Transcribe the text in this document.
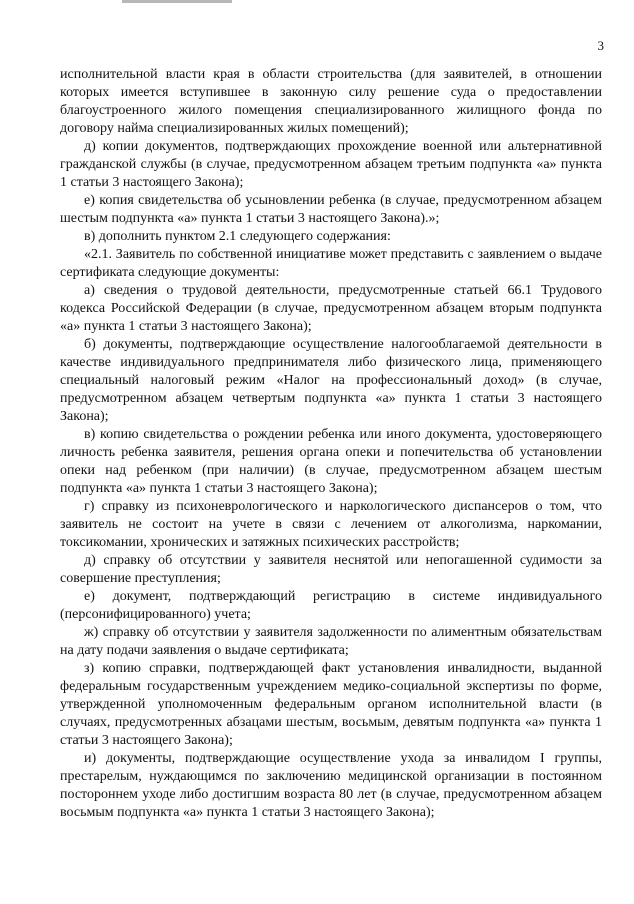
3

исполнительной власти края в области строительства (для заявителей, в отношении которых имеется вступившее в законную силу решение суда о предоставлении благоустроенного жилого помещения специализированного жилищного фонда по договору найма специализированных жилых помещений);

д) копии документов, подтверждающих прохождение военной или альтернативной гражданской службы (в случае, предусмотренном абзацем третьим подпункта «а» пункта 1 статьи 3 настоящего Закона);

е) копия свидетельства об усыновлении ребенка (в случае, предусмотренном абзацем шестым подпункта «а» пункта 1 статьи 3 настоящего Закона).»;

в) дополнить пунктом 2.1 следующего содержания:

«2.1. Заявитель по собственной инициативе может представить с заявлением о выдаче сертификата следующие документы:

а) сведения о трудовой деятельности, предусмотренные статьей 66.1 Трудового кодекса Российской Федерации (в случае, предусмотренном абзацем вторым подпункта «а» пункта 1 статьи 3 настоящего Закона);

б) документы, подтверждающие осуществление налогооблагаемой деятельности в качестве индивидуального предпринимателя либо физического лица, применяющего специальный налоговый режим «Налог на профессиональный доход» (в случае, предусмотренном абзацем четвертым подпункта «а» пункта 1 статьи 3 настоящего Закона);

в) копию свидетельства о рождении ребенка или иного документа, удостоверяющего личность ребенка заявителя, решения органа опеки и попечительства об установлении опеки над ребенком (при наличии) (в случае, предусмотренном абзацем шестым подпункта «а» пункта 1 статьи 3 настоящего Закона);

г) справку из психоневрологического и наркологического диспансеров о том, что заявитель не состоит на учете в связи с лечением от алкоголизма, наркомании, токсикомании, хронических и затяжных психических расстройств;

д) справку об отсутствии у заявителя неснятой или непогашенной судимости за совершение преступления;

е) документ, подтверждающий регистрацию в системе индивидуального (персонифицированного) учета;

ж) справку об отсутствии у заявителя задолженности по алиментным обязательствам на дату подачи заявления о выдаче сертификата;

з) копию справки, подтверждающей факт установления инвалидности, выданной федеральным государственным учреждением медико-социальной экспертизы по форме, утвержденной уполномоченным федеральным органом исполнительной власти (в случаях, предусмотренных абзацами шестым, восьмым, девятым подпункта «а» пункта 1 статьи 3 настоящего Закона);

и) документы, подтверждающие осуществление ухода за инвалидом I группы, престарелым, нуждающимся по заключению медицинской организации в постоянном постороннем уходе либо достигшим возраста 80 лет (в случае, предусмотренном абзацем восьмым подпункта «а» пункта 1 статьи 3 настоящего Закона);
